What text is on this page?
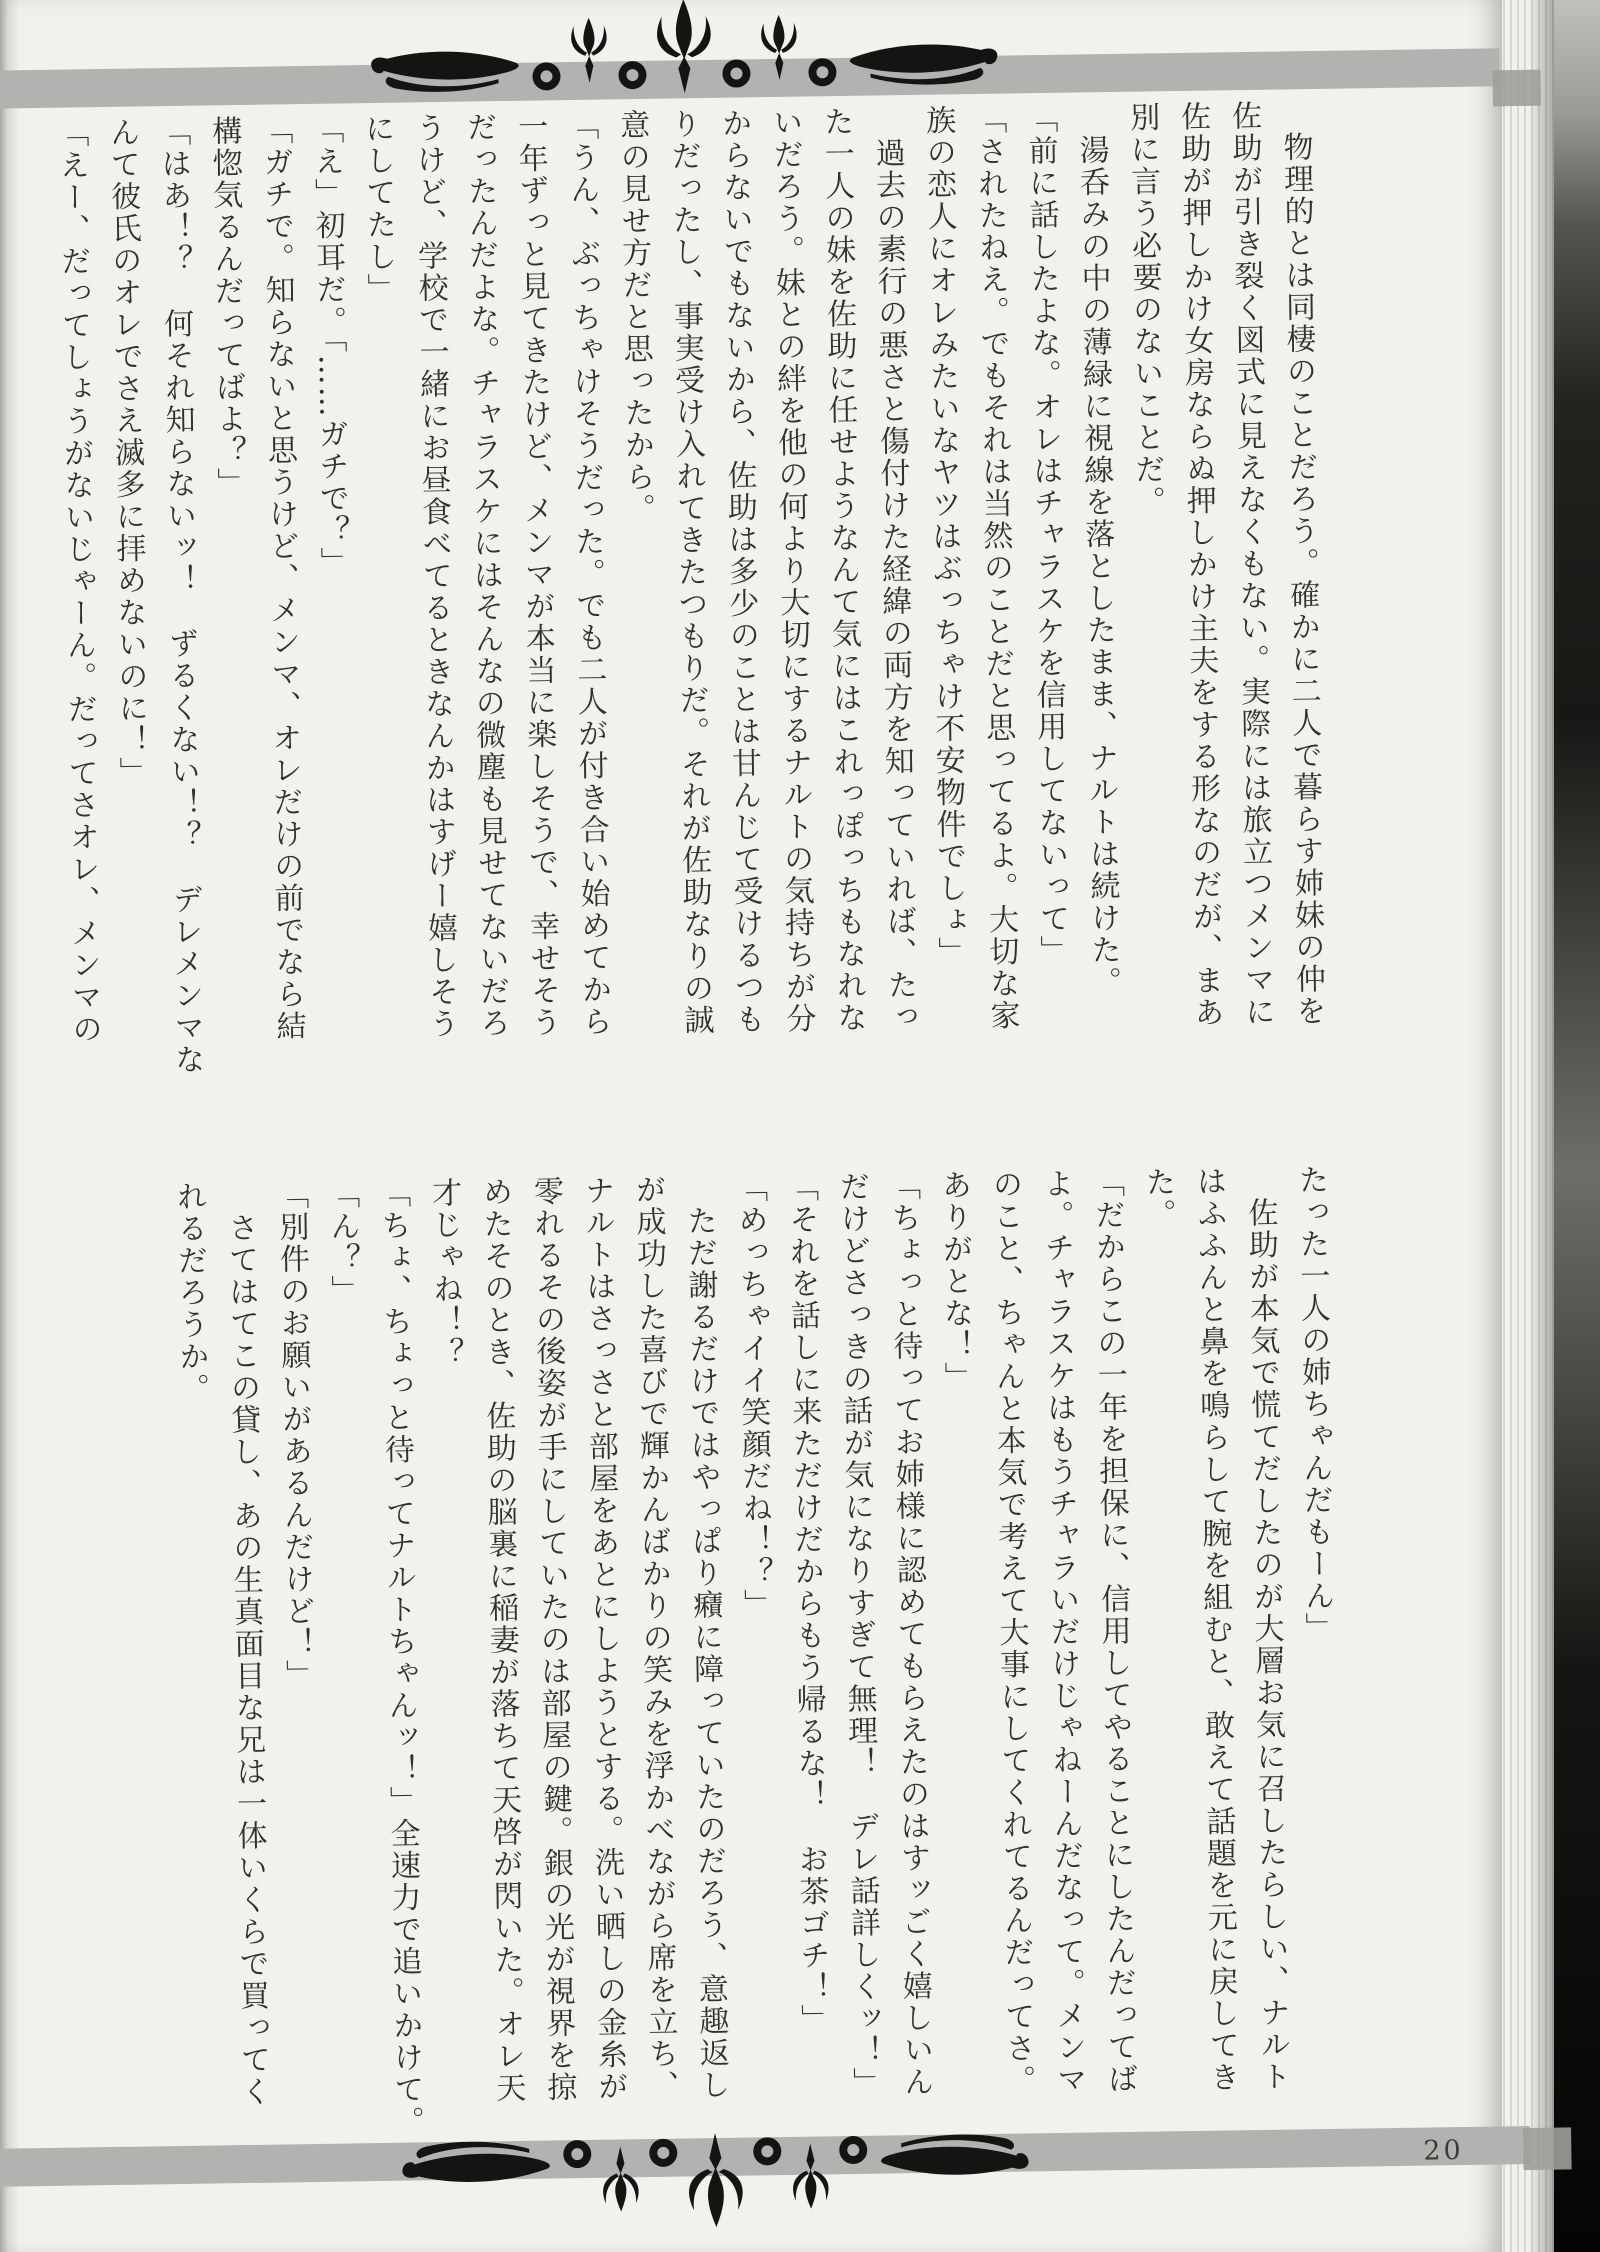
　物理的とは同棲のことだろう。確かに二人で暮らす姉妹の仲を
佐助が引き裂く図式に見えなくもない。実際には旅立つメンマに
佐助が押しかけ女房ならぬ押しかけ主夫をする形なのだが、まあ
別に言う必要のないことだ。
　湯呑みの中の薄緑に視線を落としたまま、ナルトは続けた。
「前に話したよな。オレはチャラスケを信用してないって」
「されたねえ。でもそれは当然のことだと思ってるよ。大切な家
族の恋人にオレみたいなヤツはぶっちゃけ不安物件でしょ」
　過去の素行の悪さと傷付けた経緯の両方を知っていれば、たっ
た一人の妹を佐助に任せようなんて気にはこれっぽっちもなれな
いだろう。妹との絆を他の何より大切にするナルトの気持ちが分
からないでもないから、佐助は多少のことは甘んじて受けるつも
りだったし、事実受け入れてきたつもりだ。それが佐助なりの誠
意の見せ方だと思ったから。
「うん、ぶっちゃけそうだった。でも二人が付き合い始めてから
一年ずっと見てきたけど、メンマが本当に楽しそうで、幸せそう
だったんだよな。チャラスケにはそんなの微塵も見せてないだろ
うけど、学校で一緒にお昼食べてるときなんかはすげー嬉しそう
にしてたし」
「え」初耳だ。「……ガチで？」
「ガチで。知らないと思うけど、メンマ、オレだけの前でなら結
構惚気るんだってばよ？」
「はあ！？　何それ知らないッ！　ずるくない！？　デレメンマな
んて彼氏のオレでさえ滅多に拝めないのに！」
「えー、だってしょうがないじゃーん。だってさオレ、メンマの
たった一人の姉ちゃんだもーん」
　佐助が本気で慌てだしたのが大層お気に召したらしい、ナルト
はふふんと鼻を鳴らして腕を組むと、敢えて話題を元に戻してき
た。
「だからこの一年を担保に、信用してやることにしたんだってば
よ。チャラスケはもうチャラいだけじゃねーんだなって。メンマ
のこと、ちゃんと本気で考えて大事にしてくれてるんだってさ。
ありがとな！」
「ちょっと待ってお姉様に認めてもらえたのはすッごく嬉しいん
だけどさっきの話が気になりすぎて無理！　デレ話詳しくッ！」
「それを話しに来ただけだからもう帰るな！　お茶ゴチ！」
「めっちゃイイ笑顔だね！？」
　ただ謝るだけではやっぱり癪に障っていたのだろう、意趣返し
が成功した喜びで輝かんばかりの笑みを浮かべながら席を立ち、
ナルトはさっさと部屋をあとにしようとする。洗い晒しの金糸が
零れるその後姿が手にしていたのは部屋の鍵。銀の光が視界を掠
めたそのとき、佐助の脳裏に稲妻が落ちて天啓が閃いた。オレ天
才じゃね！？
「ちょ、ちょっと待ってナルトちゃんッ！」全速力で追いかけて。
「ん？」
「別件のお願いがあるんだけど！」
　さてはてこの貸し、あの生真面目な兄は一体いくらで買ってく
れるだろうか。
20
